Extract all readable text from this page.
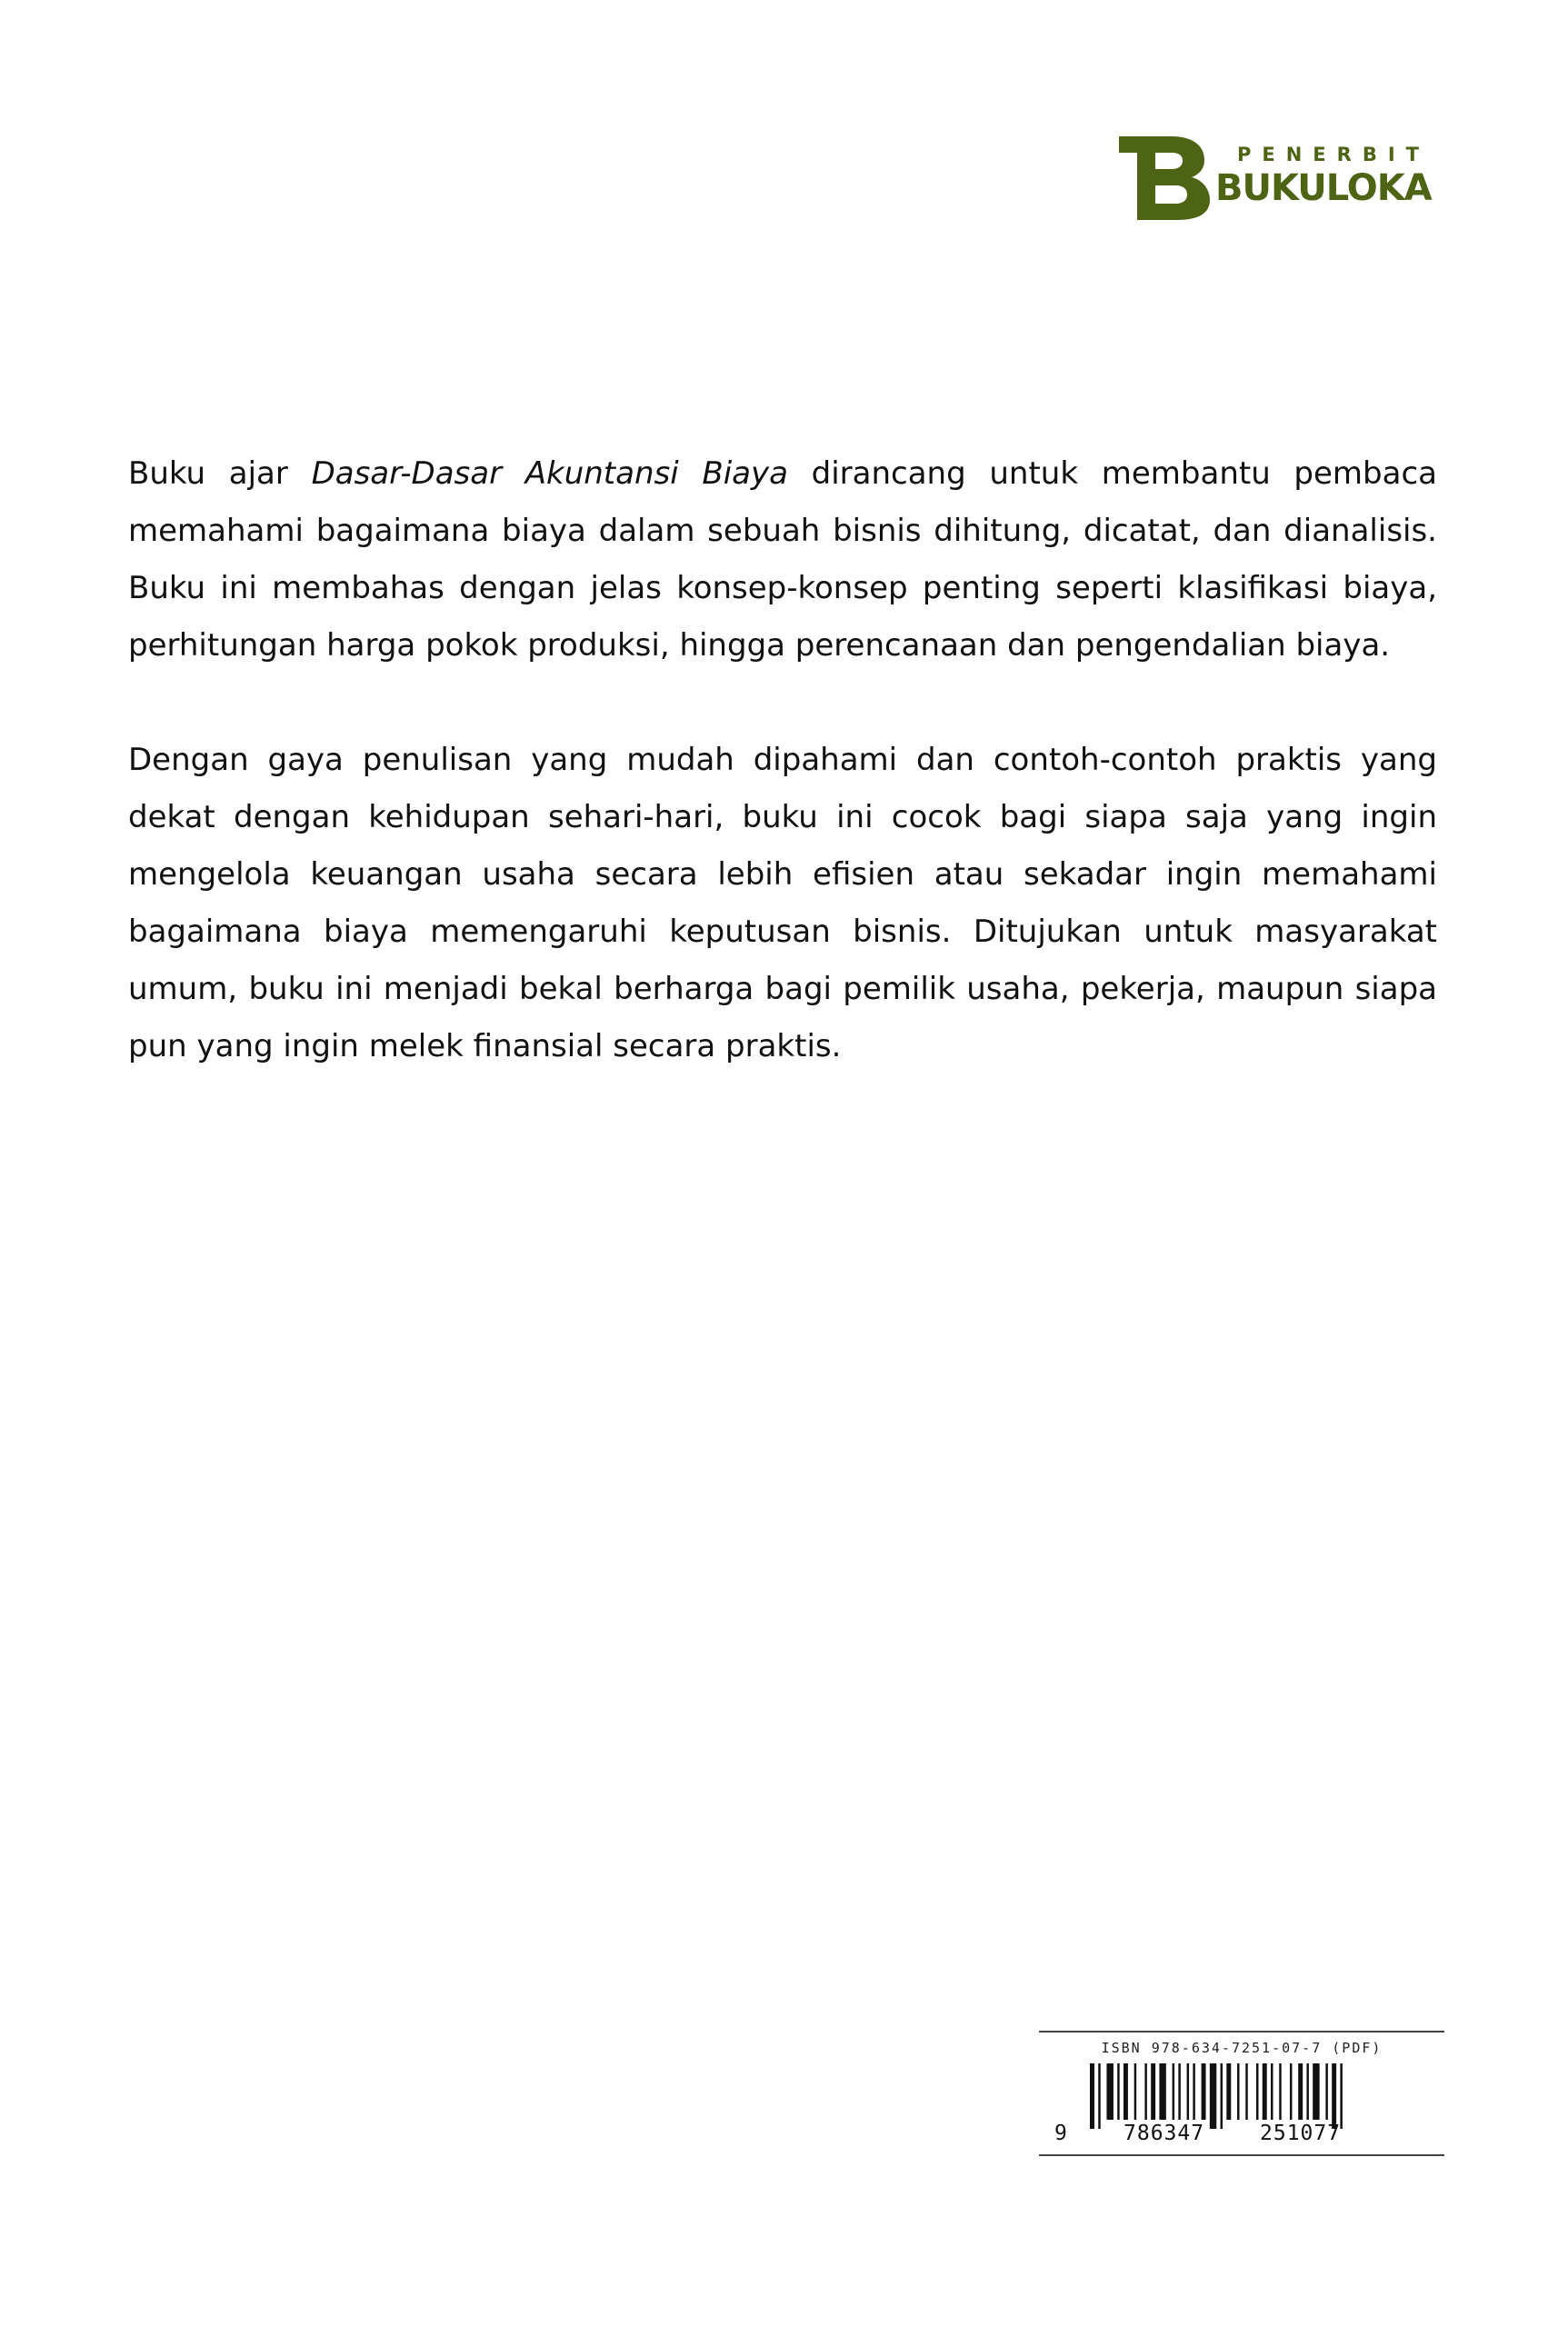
PENERBIT
BUKULOKA

Buku ajar Dasar-Dasar Akuntansi Biaya dirancang untuk membantu pembaca memahami bagaimana biaya dalam sebuah bisnis dihitung, dicatat, dan dianalisis. Buku ini membahas dengan jelas konsep-konsep penting seperti klasifikasi biaya, perhitungan harga pokok produksi, hingga perencanaan dan pengendalian biaya.

Dengan gaya penulisan yang mudah dipahami dan contoh-contoh praktis yang dekat dengan kehidupan sehari-hari, buku ini cocok bagi siapa saja yang ingin mengelola keuangan usaha secara lebih efisien atau sekadar ingin memahami bagaimana biaya memengaruhi keputusan bisnis. Ditujukan untuk masyarakat umum, buku ini menjadi bekal berharga bagi pemilik usaha, pekerja, maupun siapa pun yang ingin melek finansial secara praktis.

ISBN 978-634-7251-07-7 (PDF)
9	786347	251077
